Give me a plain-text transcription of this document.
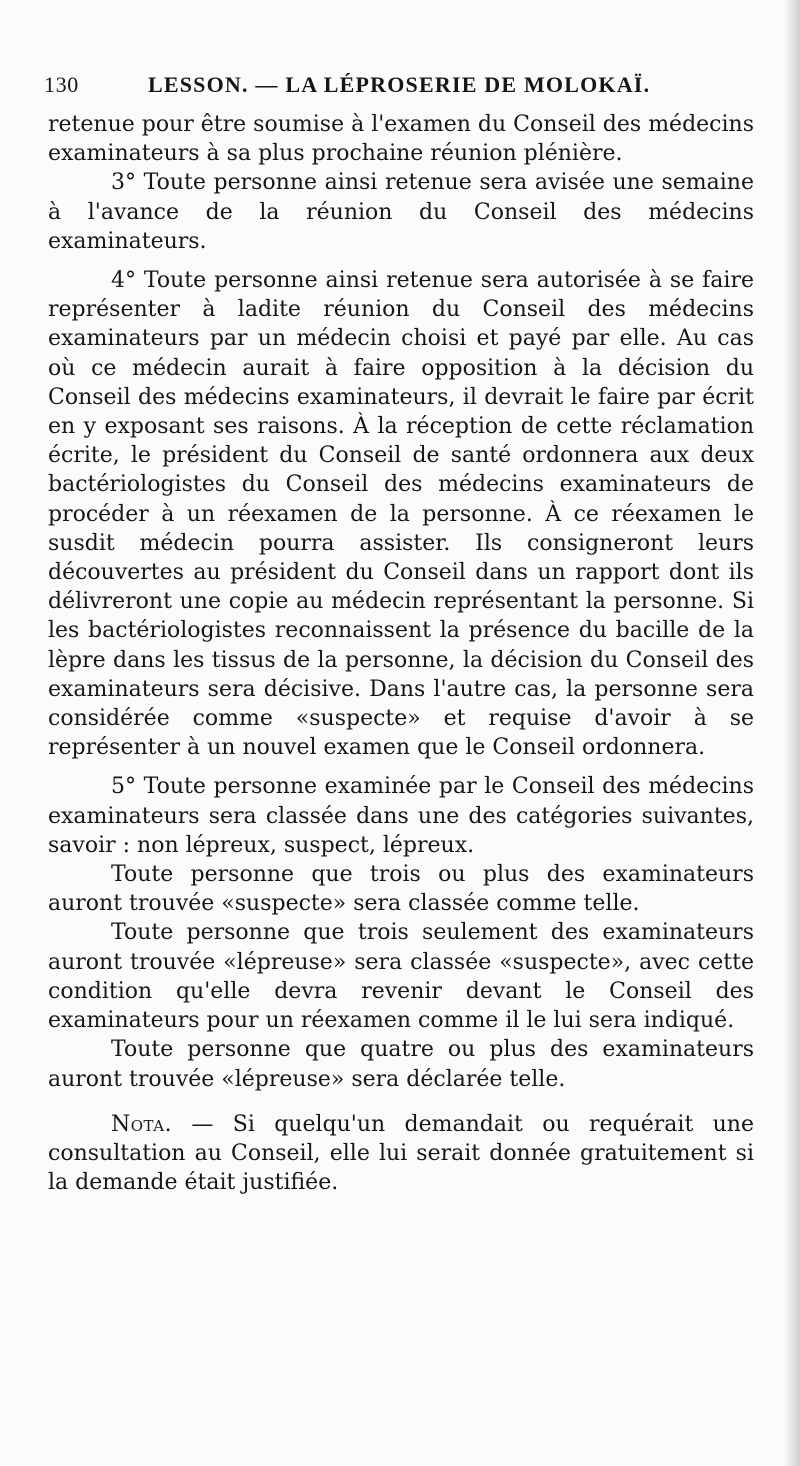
130	LESSON. — LA LÉPROSERIE DE MOLOKAÏ.

retenue pour être soumise à l'examen du Conseil des médecins examinateurs à sa plus prochaine réunion plénière.

3° Toute personne ainsi retenue sera avisée une semaine à l'avance de la réunion du Conseil des médecins examinateurs.

4° Toute personne ainsi retenue sera autorisée à se faire représenter à ladite réunion du Conseil des médecins examinateurs par un médecin choisi et payé par elle. Au cas où ce médecin aurait à faire opposition à la décision du Conseil des médecins examinateurs, il devrait le faire par écrit en y exposant ses raisons. À la réception de cette réclamation écrite, le président du Conseil de santé ordonnera aux deux bactériologistes du Conseil des médecins examinateurs de procéder à un réexamen de la personne. À ce réexamen le susdit médecin pourra assister. Ils consigneront leurs découvertes au président du Conseil dans un rapport dont ils délivreront une copie au médecin représentant la personne. Si les bactériologistes reconnaissent la présence du bacille de la lèpre dans les tissus de la personne, la décision du Conseil des examinateurs sera décisive. Dans l'autre cas, la personne sera considérée comme «suspecte» et requise d'avoir à se représenter à un nouvel examen que le Conseil ordonnera.

5° Toute personne examinée par le Conseil des médecins examinateurs sera classée dans une des catégories suivantes, savoir : non lépreux, suspect, lépreux.

Toute personne que trois ou plus des examinateurs auront trouvée «suspecte» sera classée comme telle.

Toute personne que trois seulement des examinateurs auront trouvée «lépreuse» sera classée «suspecte», avec cette condition qu'elle devra revenir devant le Conseil des examinateurs pour un réexamen comme il le lui sera indiqué.

Toute personne que quatre ou plus des examinateurs auront trouvée «lépreuse» sera déclarée telle.

Nota. — Si quelqu'un demandait ou requérait une consultation au Conseil, elle lui serait donnée gratuitement si la demande était justifiée.
